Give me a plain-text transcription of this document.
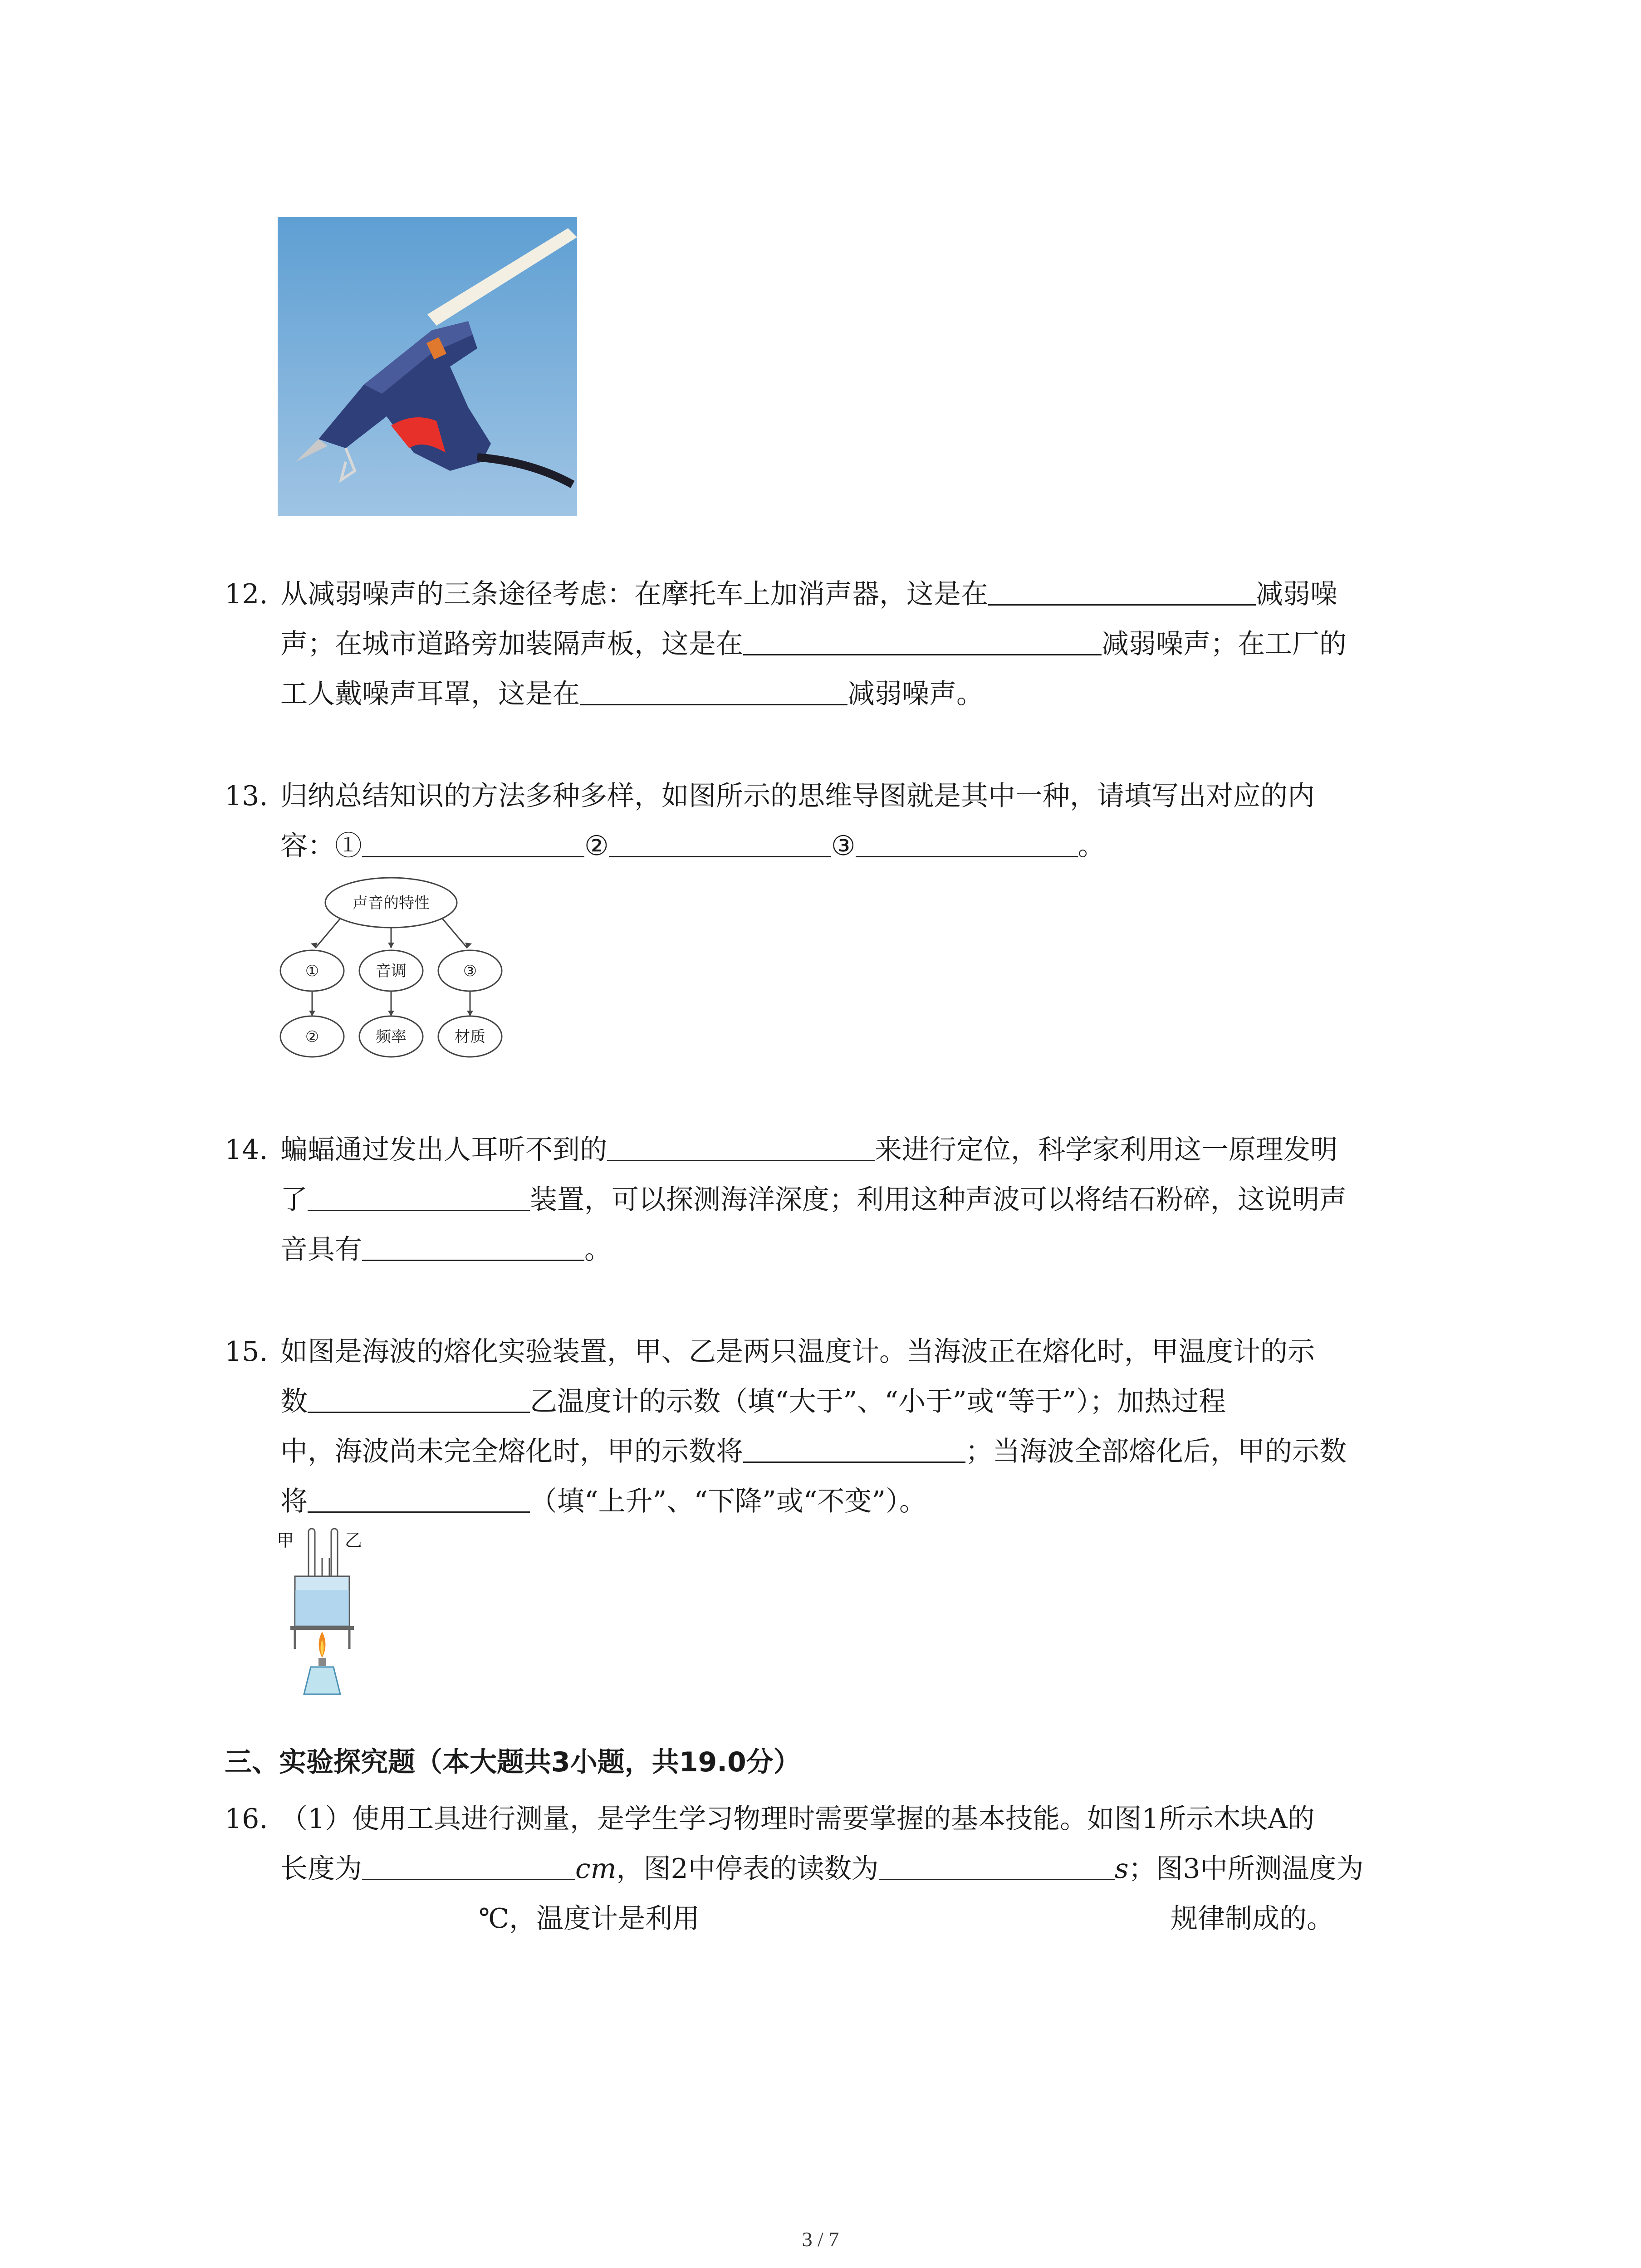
12. 从减弱噪声的三条途径考虑：在摩托车上加消声器，这是在	减弱噪
声；在城市道路旁加装隔声板，这是在	减弱噪声；在工厂的
工人戴噪声耳罩，这是在	减弱噪声。
13. 归纳总结知识的方法多种多样，如图所示的思维导图就是其中一种，请填写出对应的内
容：①	②	③	。
声音的特性
①	音调	③
②	频率	材质
14. 蝙蝠通过发出人耳听不到的	来进行定位，科学家利用这一原理发明
了	装置，可以探测海洋深度；利用这种声波可以将结石粉碎，这说明声
音具有	。
15. 如图是海波的熔化实验装置，甲、乙是两只温度计。当海波正在熔化时，甲温度计的示
数	乙温度计的示数（填“大于”、“小于”或“等于”）；加热过程
中，海波尚未完全熔化时，甲的示数将	；当海波全部熔化后，甲的示数
将	（填“上升”、“下降”或“不变”）。
甲	乙
三、实验探究题（本大题共3小题，共19.0分）
16. （1）使用工具进行测量，是学生学习物理时需要掌握的基本技能。如图1所示木块A的
长度为	cm，图2中停表的读数为	s；图3中所测温度为
℃，温度计是利用	规律制成的。
3 / 7
